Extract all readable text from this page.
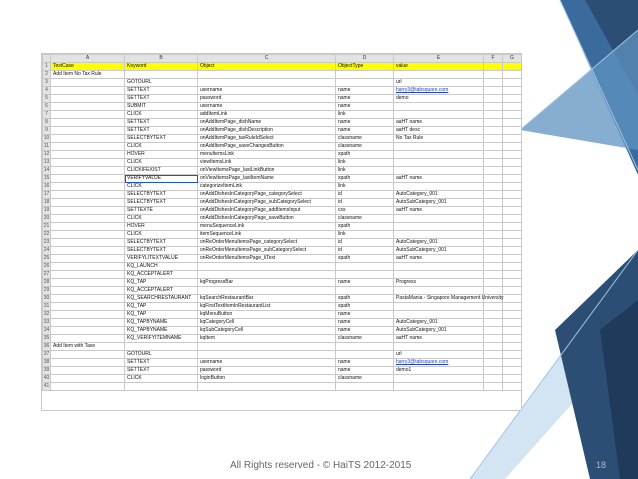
	A	B	C	D	E	F	G
1	TestCase	Keyword	Object	ObjectType	value		
2	Add Item No Tax Rule						
3		GOTOURL			url		
4		SETTEXT	username	name	harry3@tabsquare.com		
5		SETTEXT	password	name	demo		
6		SUBMIT	username	name			
7		CLICK	addItemLink	link			
8		SETTEXT	onAddItemPage_dishName	name	aaHT name		
9		SETTEXT	onAddItemPage_dishDescription	name	aaHT desc		
10		SELECTBYTEXT	onAddItemPage_taxRuleIdSelect	classname	No Tax Rule		
11		CLICK	onAddItemPage_saveChangesButton	classname			
12		HOVER	menuItemsLink	xpath			
13		CLICK	viewItemsLink	link			
14		CLICKIFEXIST	onViewItemsPage_lastLinkButton	link			
15		VERIFYVALUE	onViewItemsPage_lastItemName	xpath	aaHT name		
16		CLICK	categorizeItemLink	link			
17		SELECTBYTEXT	onAddDishesInCategoryPage_categorySelect	id	AutoCategory_001		
18		SELECTBYTEXT	onAddDishesInCategoryPage_subCategorySelect	id	AutoSubCategory_001		
19		SETTEXTE	onAddDishesInCategoryPage_addItemsInput	css	aaHT name		
20		CLICK	onAddDishesInCategoryPage_saveButton	classname			
21		HOVER	menuSequenceLink	xpath			
22		CLICK	itemSequenceLink	link			
23		SELECTBYTEXT	onReOrderMenuItemsPage_categorySelect	id	AutoCategory_001		
24		SELECTBYTEXT	onReOrderMenuItemsPage_subCategorySelect	id	AutoSubCategory_001		
25		VERIFYLITEXTVALUE	onReOrderMenuItemsPage_liText	xpath	aaHT name		
26		KQ_LAUNCH					
27		KQ_ACCEPTALERT					
28		KQ_TAP	kqProgressBar	name	Progress		
29		KQ_ACCEPTALERT					
30		KQ_SEARCHRESTAURANT	kqSearchRestaurantBar	xpath	PastaMania - Singapore Management University		
31		KQ_TAP	kqFirstTextItemInRestaurantList	xpath			
32		KQ_TAP	kqMenuButton	name			
33		KQ_TAPBYNAME	kqCategoryCell	name	AutoCategory_001		
34		KQ_TAPBYNAME	kqSubCategoryCell	name	AutoSubCategory_001		
35		KQ_VERIFYITEMNAME	kqItem	classname	aaHT name		
36	Add Item with Taxe						
37		GOTOURL			url		
38		SETTEXT	username	name	harry3@tabsquare.com		
39		SETTEXT	password	name	demo1		
40		CLICK	loginButton	classname			
41							
All Rights reserved - © HaiTS 2012-2015	18
